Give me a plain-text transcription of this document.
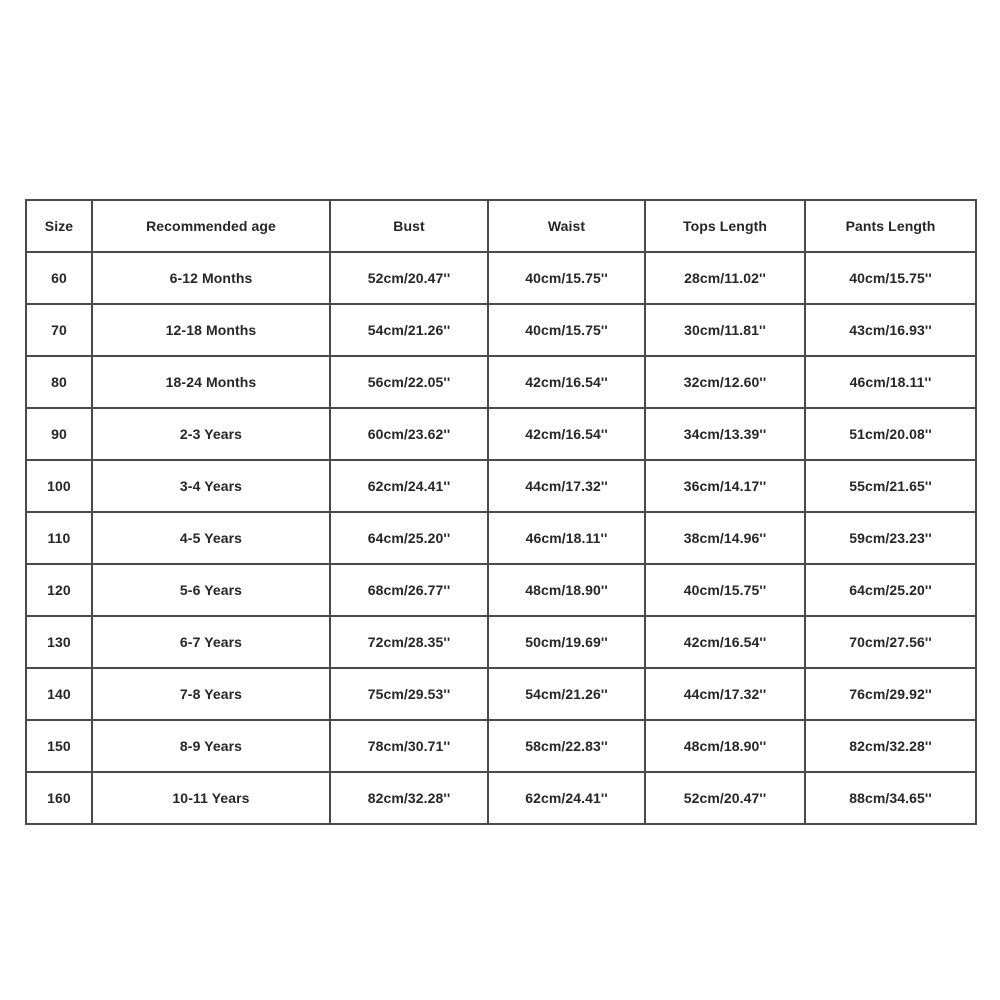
Size	Recommended age	Bust	Waist	Tops Length	Pants Length
60	6-12 Months	52cm/20.47''	40cm/15.75''	28cm/11.02''	40cm/15.75''
70	12-18 Months	54cm/21.26''	40cm/15.75''	30cm/11.81''	43cm/16.93''
80	18-24 Months	56cm/22.05''	42cm/16.54''	32cm/12.60''	46cm/18.11''
90	2-3 Years	60cm/23.62''	42cm/16.54''	34cm/13.39''	51cm/20.08''
100	3-4 Years	62cm/24.41''	44cm/17.32''	36cm/14.17''	55cm/21.65''
110	4-5 Years	64cm/25.20''	46cm/18.11''	38cm/14.96''	59cm/23.23''
120	5-6 Years	68cm/26.77''	48cm/18.90''	40cm/15.75''	64cm/25.20''
130	6-7 Years	72cm/28.35''	50cm/19.69''	42cm/16.54''	70cm/27.56''
140	7-8 Years	75cm/29.53''	54cm/21.26''	44cm/17.32''	76cm/29.92''
150	8-9 Years	78cm/30.71''	58cm/22.83''	48cm/18.90''	82cm/32.28''
160	10-11 Years	82cm/32.28''	62cm/24.41''	52cm/20.47''	88cm/34.65''
